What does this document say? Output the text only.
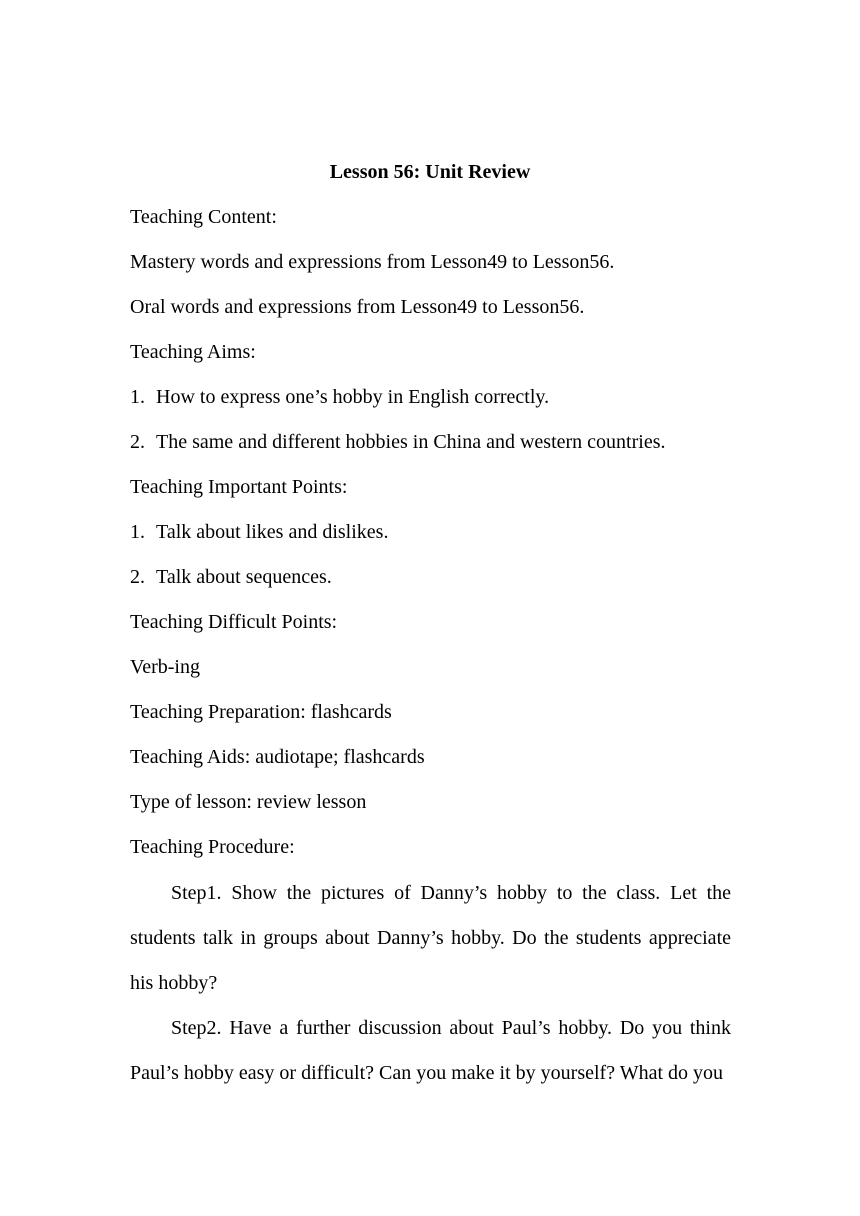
Lesson 56: Unit Review
Teaching Content:
Mastery words and expressions from Lesson49 to Lesson56.
Oral words and expressions from Lesson49 to Lesson56.
Teaching Aims:
1. How to express one’s hobby in English correctly.
2. The same and different hobbies in China and western countries.
Teaching Important Points:
1. Talk about likes and dislikes.
2. Talk about sequences.
Teaching Difficult Points:
Verb-ing
Teaching Preparation: flashcards
Teaching Aids: audiotape; flashcards
Type of lesson: review lesson
Teaching Procedure:

Step1. Show the pictures of Danny’s hobby to the class. Let the students talk in groups about Danny’s hobby. Do the students appreciate his hobby?

Step2. Have a further discussion about Paul’s hobby. Do you think Paul’s hobby easy or difficult? Can you make it by yourself? What do you
